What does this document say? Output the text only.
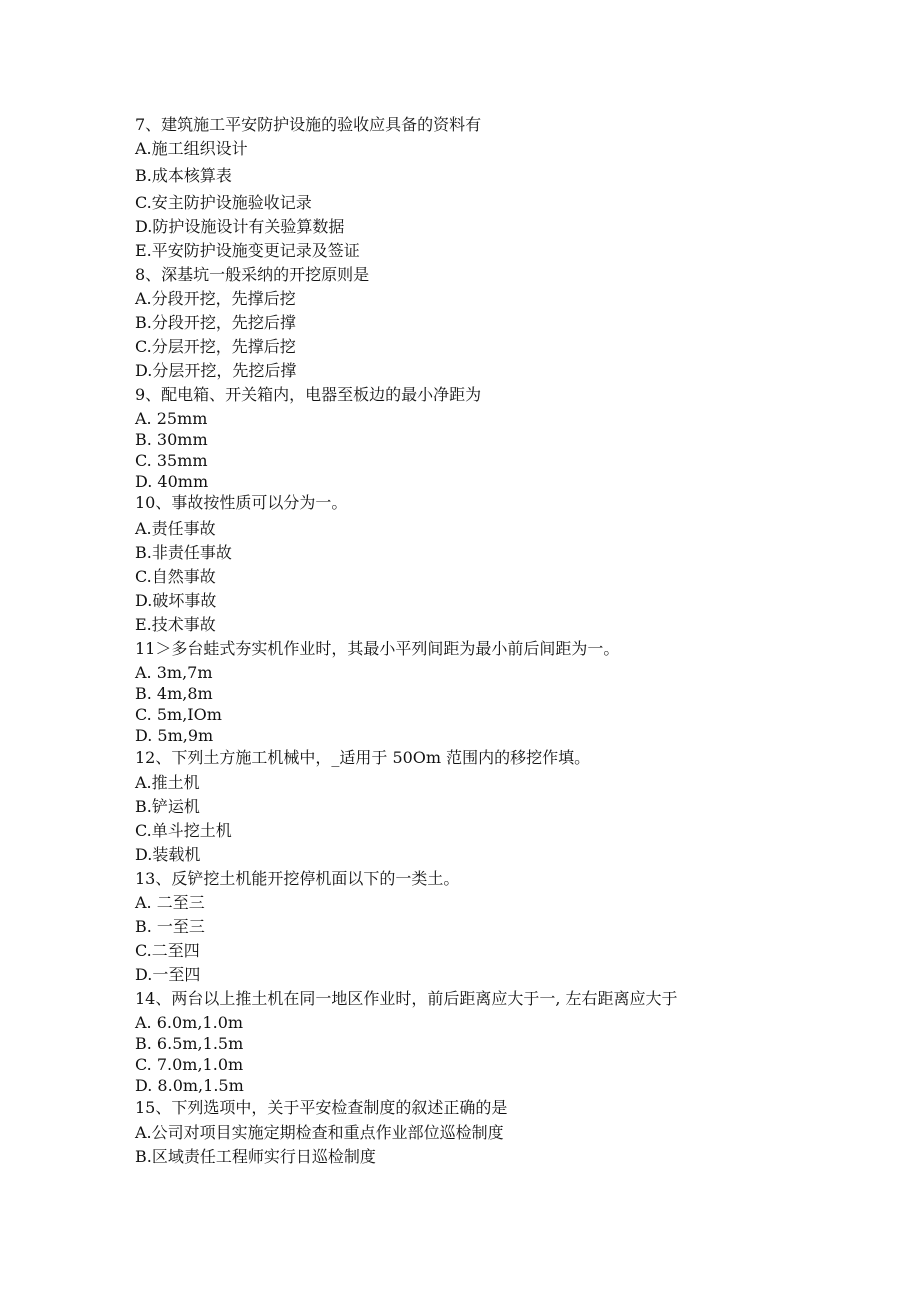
7、建筑施工平安防护设施的验收应具备的资料有
A.施工组织设计
B.成本核算表
C.安主防护设施验收记录
D.防护设施设计有关验算数据
E.平安防护设施变更记录及签证
8、深基坑一般采纳的开挖原则是
A.分段开挖，先撑后挖
B.分段开挖，先挖后撑
C.分层开挖，先撑后挖
D.分层开挖，先挖后撑
9、配电箱、开关箱内，电器至板边的最小净距为
A. 25mm
B. 30mm
C. 35mm
D. 40mm
10、事故按性质可以分为一。
A.责任事故
B.非责任事故
C.自然事故
D.破坏事故
E.技术事故
11＞多台蛙式夯实机作业时，其最小平列间距为最小前后间距为一。
A. 3m,7m
B. 4m,8m
C. 5m,IOm
D. 5m,9m
12、下列土方施工机械中，_适用于 50Om 范围内的移挖作填。
A.推土机
B.铲运机
C.单斗挖土机
D.装载机
13、反铲挖土机能开挖停机面以下的一类土。
A. 二至三
B. 一至三
C.二至四
D.一至四
14、两台以上推土机在同一地区作业时，前后距离应大于一, 左右距离应大于
A. 6.0m,1.0m
B. 6.5m,1.5m
C. 7.0m,1.0m
D. 8.0m,1.5m
15、下列选项中，关于平安检查制度的叙述正确的是
A.公司对项目实施定期检查和重点作业部位巡检制度
B.区域责任工程师实行日巡检制度
